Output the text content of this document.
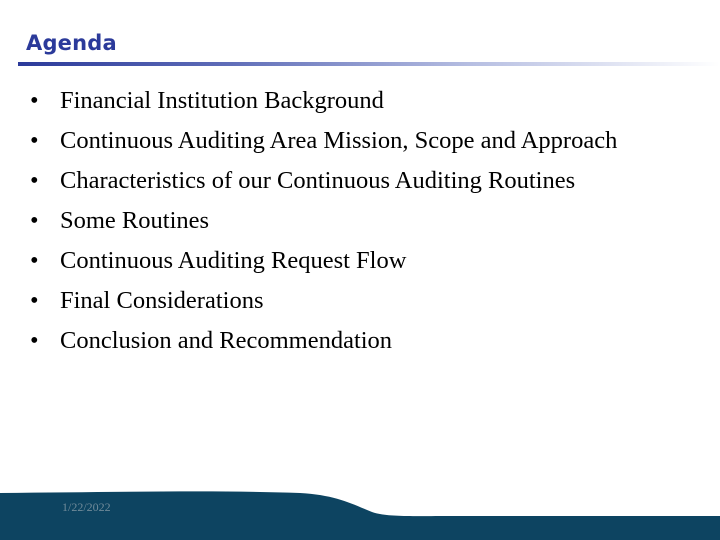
Agenda
• Financial Institution Background
• Continuous Auditing Area Mission, Scope and Approach
• Characteristics of our Continuous Auditing Routines
• Some Routines
• Continuous Auditing Request Flow
• Final Considerations
• Conclusion and Recommendation
1/22/2022
